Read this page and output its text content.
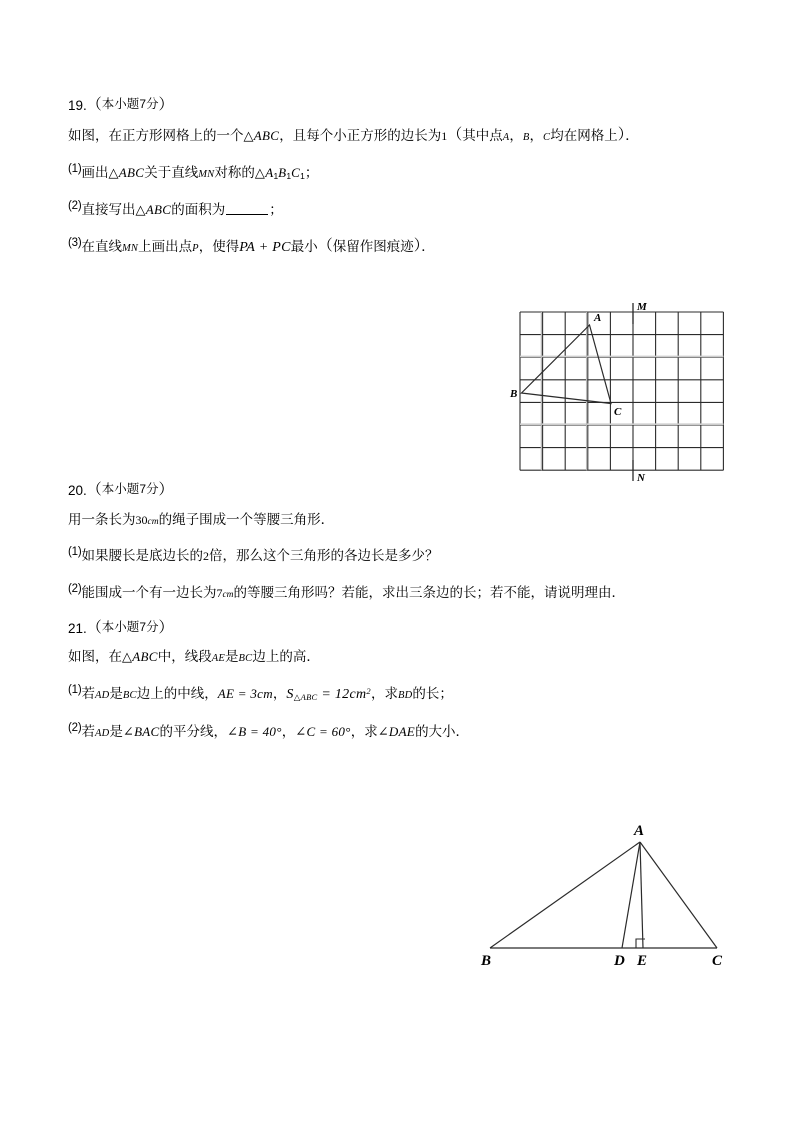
19.（本小题7分）

如图，在正方形网格上的一个△ABC，且每个小正方形的边长为1（其中点A，B，C均在网格上）．

(1)画出△ABC关于直线MN对称的$\triangle A_1B_1C_1$；

(2)直接写出△ABC的面积为	；

(3)在直线MN上画出点P，使得PA + PC最小（保留作图痕迹）．

20.（本小题7分）

用一条长为30cm的绳子围成一个等腰三角形．

(1)如果腰长是底边长的2倍，那么这个三角形的各边长是多少？

(2)能围成一个有一边长为7cm的等腰三角形吗？若能，求出三条边的长；若不能，请说明理由．

21.（本小题7分）

如图，在△ABC中，线段AE是BC边上的高．

(1)若AD是BC边上的中线，AE = 3cm，$S_{\triangle ABC} = 12cm^2$，求BD的长；

(2)若AD是∠BAC的平分线，∠B = 40°，∠C = 60°，求∠DAE的大小．

A
B
C
M
N
A
B	D E	C
